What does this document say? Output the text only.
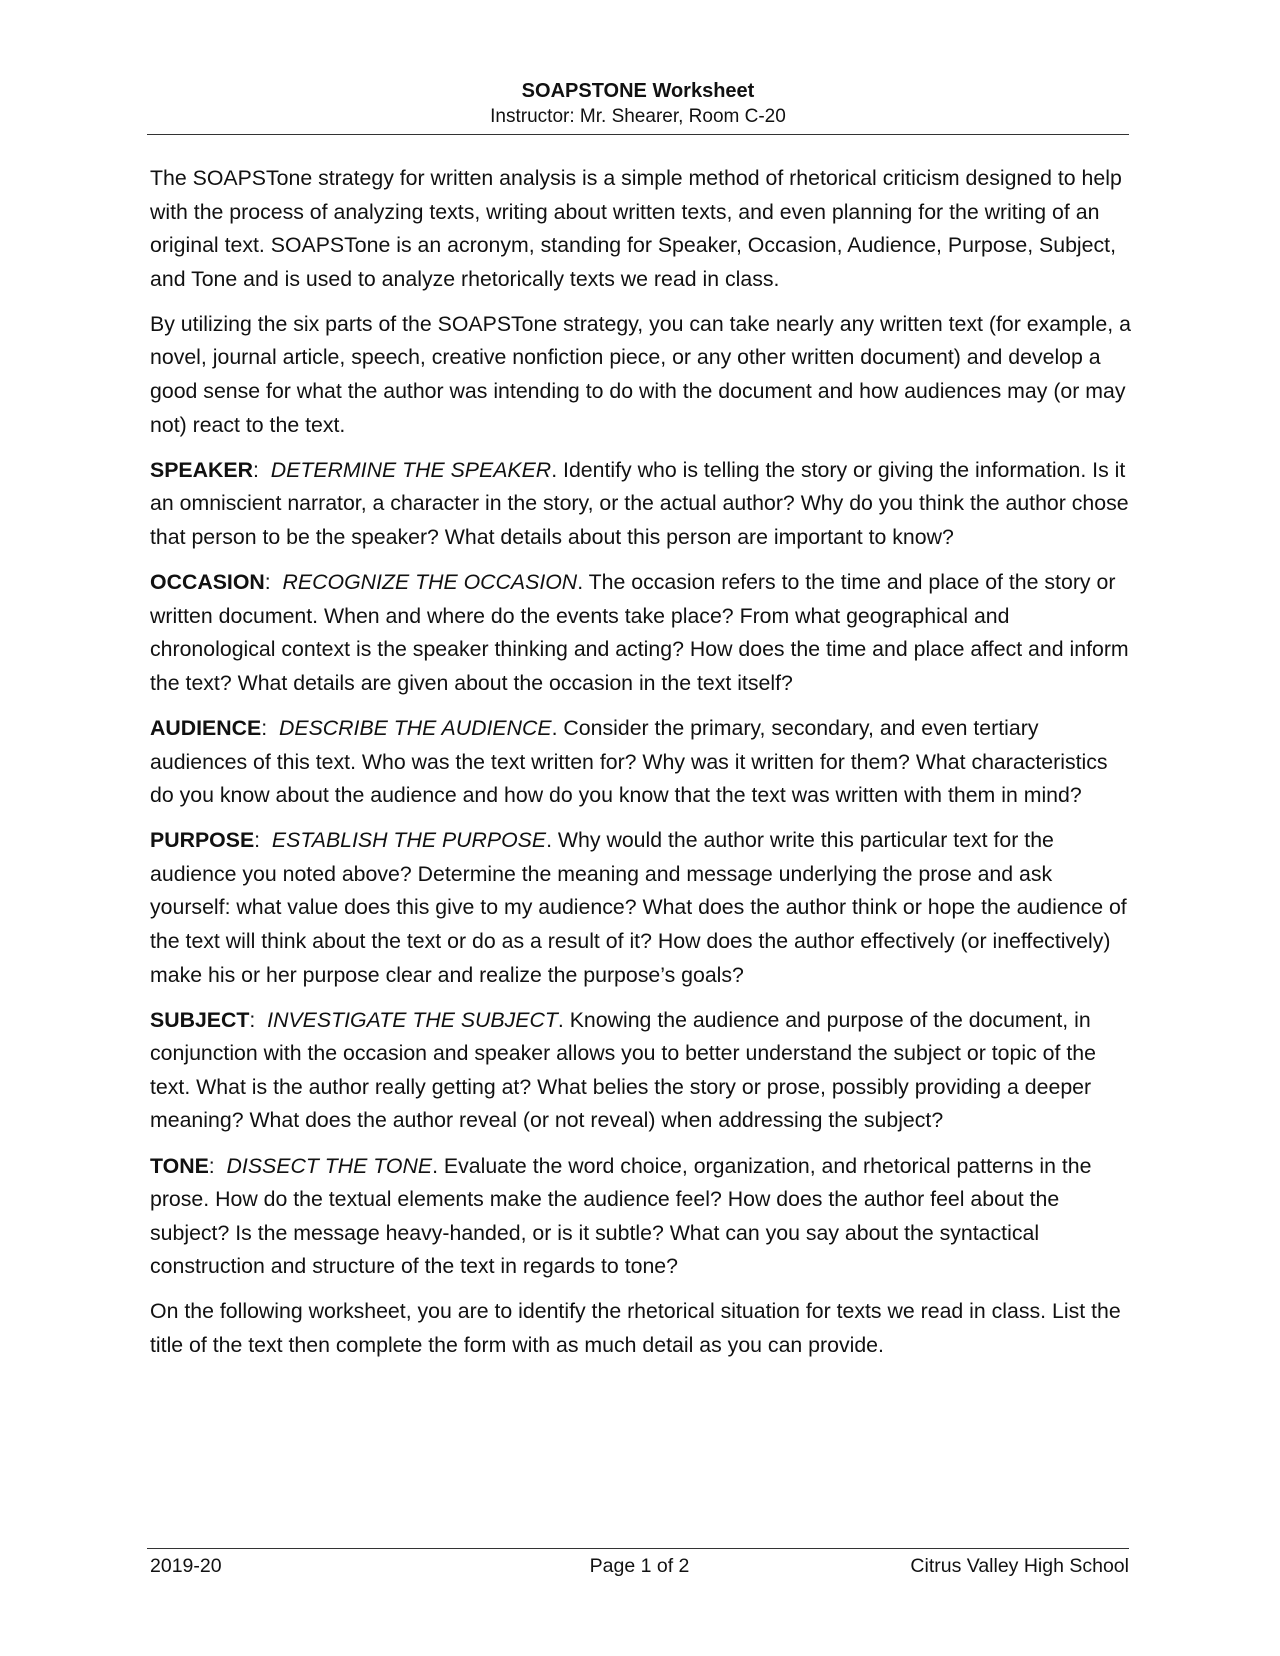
SOAPSTONE Worksheet
Instructor: Mr. Shearer, Room C-20

The SOAPSTone strategy for written analysis is a simple method of rhetorical criticism designed to help with the process of analyzing texts, writing about written texts, and even planning for the writing of an original text. SOAPSTone is an acronym, standing for Speaker, Occasion, Audience, Purpose, Subject, and Tone and is used to analyze rhetorically texts we read in class.

By utilizing the six parts of the SOAPSTone strategy, you can take nearly any written text (for example, a novel, journal article, speech, creative nonfiction piece, or any other written document) and develop a good sense for what the author was intending to do with the document and how audiences may (or may not) react to the text.

SPEAKER: DETERMINE THE SPEAKER. Identify who is telling the story or giving the information. Is it an omniscient narrator, a character in the story, or the actual author? Why do you think the author chose that person to be the speaker? What details about this person are important to know?

OCCASION: RECOGNIZE THE OCCASION. The occasion refers to the time and place of the story or written document. When and where do the events take place? From what geographical and chronological context is the speaker thinking and acting? How does the time and place affect and inform the text? What details are given about the occasion in the text itself?

AUDIENCE: DESCRIBE THE AUDIENCE. Consider the primary, secondary, and even tertiary audiences of this text. Who was the text written for? Why was it written for them? What characteristics do you know about the audience and how do you know that the text was written with them in mind?

PURPOSE: ESTABLISH THE PURPOSE. Why would the author write this particular text for the audience you noted above? Determine the meaning and message underlying the prose and ask yourself: what value does this give to my audience? What does the author think or hope the audience of the text will think about the text or do as a result of it? How does the author effectively (or ineffectively) make his or her purpose clear and realize the purpose’s goals?

SUBJECT: INVESTIGATE THE SUBJECT. Knowing the audience and purpose of the document, in conjunction with the occasion and speaker allows you to better understand the subject or topic of the text. What is the author really getting at? What belies the story or prose, possibly providing a deeper meaning? What does the author reveal (or not reveal) when addressing the subject?

TONE: DISSECT THE TONE. Evaluate the word choice, organization, and rhetorical patterns in the prose. How do the textual elements make the audience feel? How does the author feel about the subject? Is the message heavy-handed, or is it subtle? What can you say about the syntactical construction and structure of the text in regards to tone?

On the following worksheet, you are to identify the rhetorical situation for texts we read in class. List the title of the text then complete the form with as much detail as you can provide.

2019-20	Page 1 of 2	Citrus Valley High School
